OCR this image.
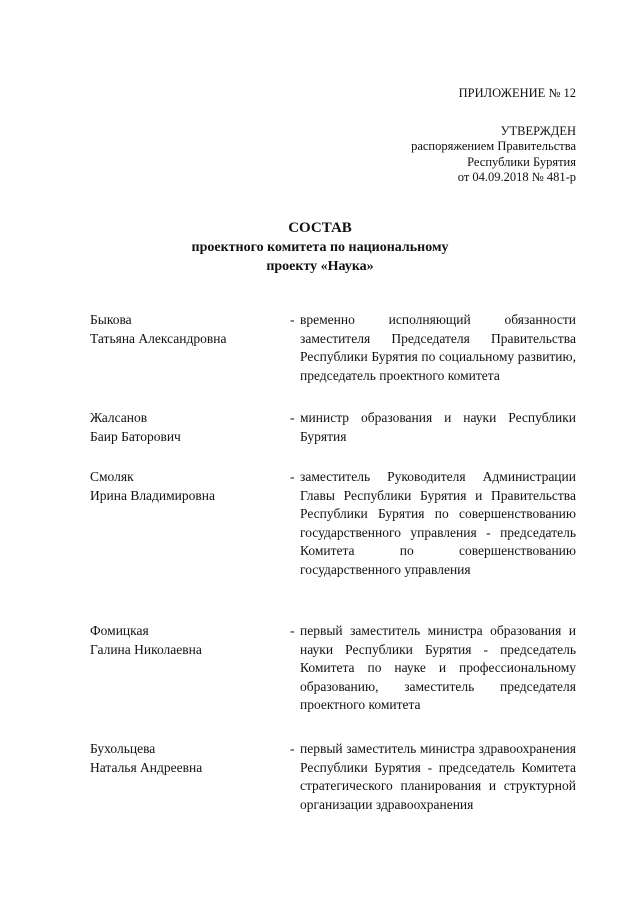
ПРИЛОЖЕНИЕ № 12
УТВЕРЖДЕН
распоряжением Правительства
Республики Бурятия
от 04.09.2018 № 481-р
СОСТАВ
проектного комитета по национальному
проекту «Наука»
Быкова
Татьяна Александровна
- временно исполняющий обязанности заместителя Председателя Правительства Республики Бурятия по социальному развитию, председатель проектного комитета
Жалсанов
Баир Баторович
- министр образования и науки Республики Бурятия
Смоляк
Ирина Владимировна
- заместитель Руководителя Администрации Главы Республики Бурятия и Правительства Республики Бурятия по совершенствованию государственного управления - председатель Комитета по совершенствованию государственного управления
Фомицкая
Галина Николаевна
- первый заместитель министра образования и науки Республики Бурятия - председатель Комитета по науке и профессиональному образованию, заместитель председателя проектного комитета
Бухольцева
Наталья Андреевна
- первый заместитель министра здравоохранения Республики Бурятия - председатель Комитета стратегического планирования и структурной организации здравоохранения
